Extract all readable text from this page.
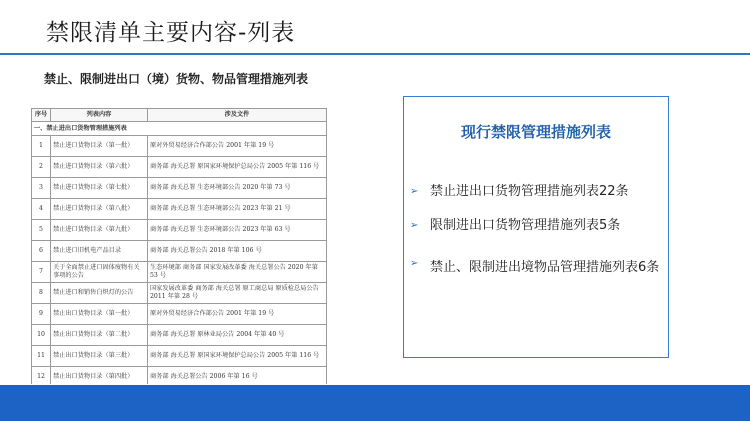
禁限清单主要内容-列表
禁止、限制进出口（境）货物、物品管理措施列表
序号	列表内容	涉及文件
一、禁止进出口货物管理措施列表		
1	禁止进口货物目录（第一批）	原对外贸易经济合作部公告 2001 年第 19 号
2	禁止进口货物目录（第六批）	商务部 海关总署 原国家环境保护总局公告 2005 年第 116 号
3	禁止进口货物目录（第七批）	商务部 海关总署 生态环境部公告 2020 年第 73 号
4	禁止进口货物目录（第八批）	商务部 海关总署 生态环境部公告 2023 年第 21 号
5	禁止进口货物目录（第九批）	商务部 海关总署 生态环境部公告 2023 年第 63 号
6	禁止进口旧机电产品目录	商务部 海关总署公告 2018 年第 106 号
7	关于全面禁止进口固体废物有关事项的公告	生态环境部 商务部 国家发展改革委 海关总署公告 2020 年第 53 号
8	禁止进口和销售白炽灯的公告	国家发展改革委 商务部 海关总署 原工商总局 原质检总局公告 2011 年第 28 号
9	禁止出口货物目录（第一批）	原对外贸易经济合作部公告 2001 年第 19 号
10	禁止出口货物目录（第二批）	商务部 海关总署 原林业局公告 2004 年第 40 号
11	禁止出口货物目录（第三批）	商务部 海关总署 原国家环境保护总局公告 2005 年第 116 号
12	禁止出口货物目录（第四批）	商务部 海关总署公告 2006 年第 16 号
现行禁限管理措施列表
➢ 禁止进出口货物管理措施列表22条
➢ 限制进出口货物管理措施列表5条
➢ 禁止、限制进出境物品管理措施列表6条
